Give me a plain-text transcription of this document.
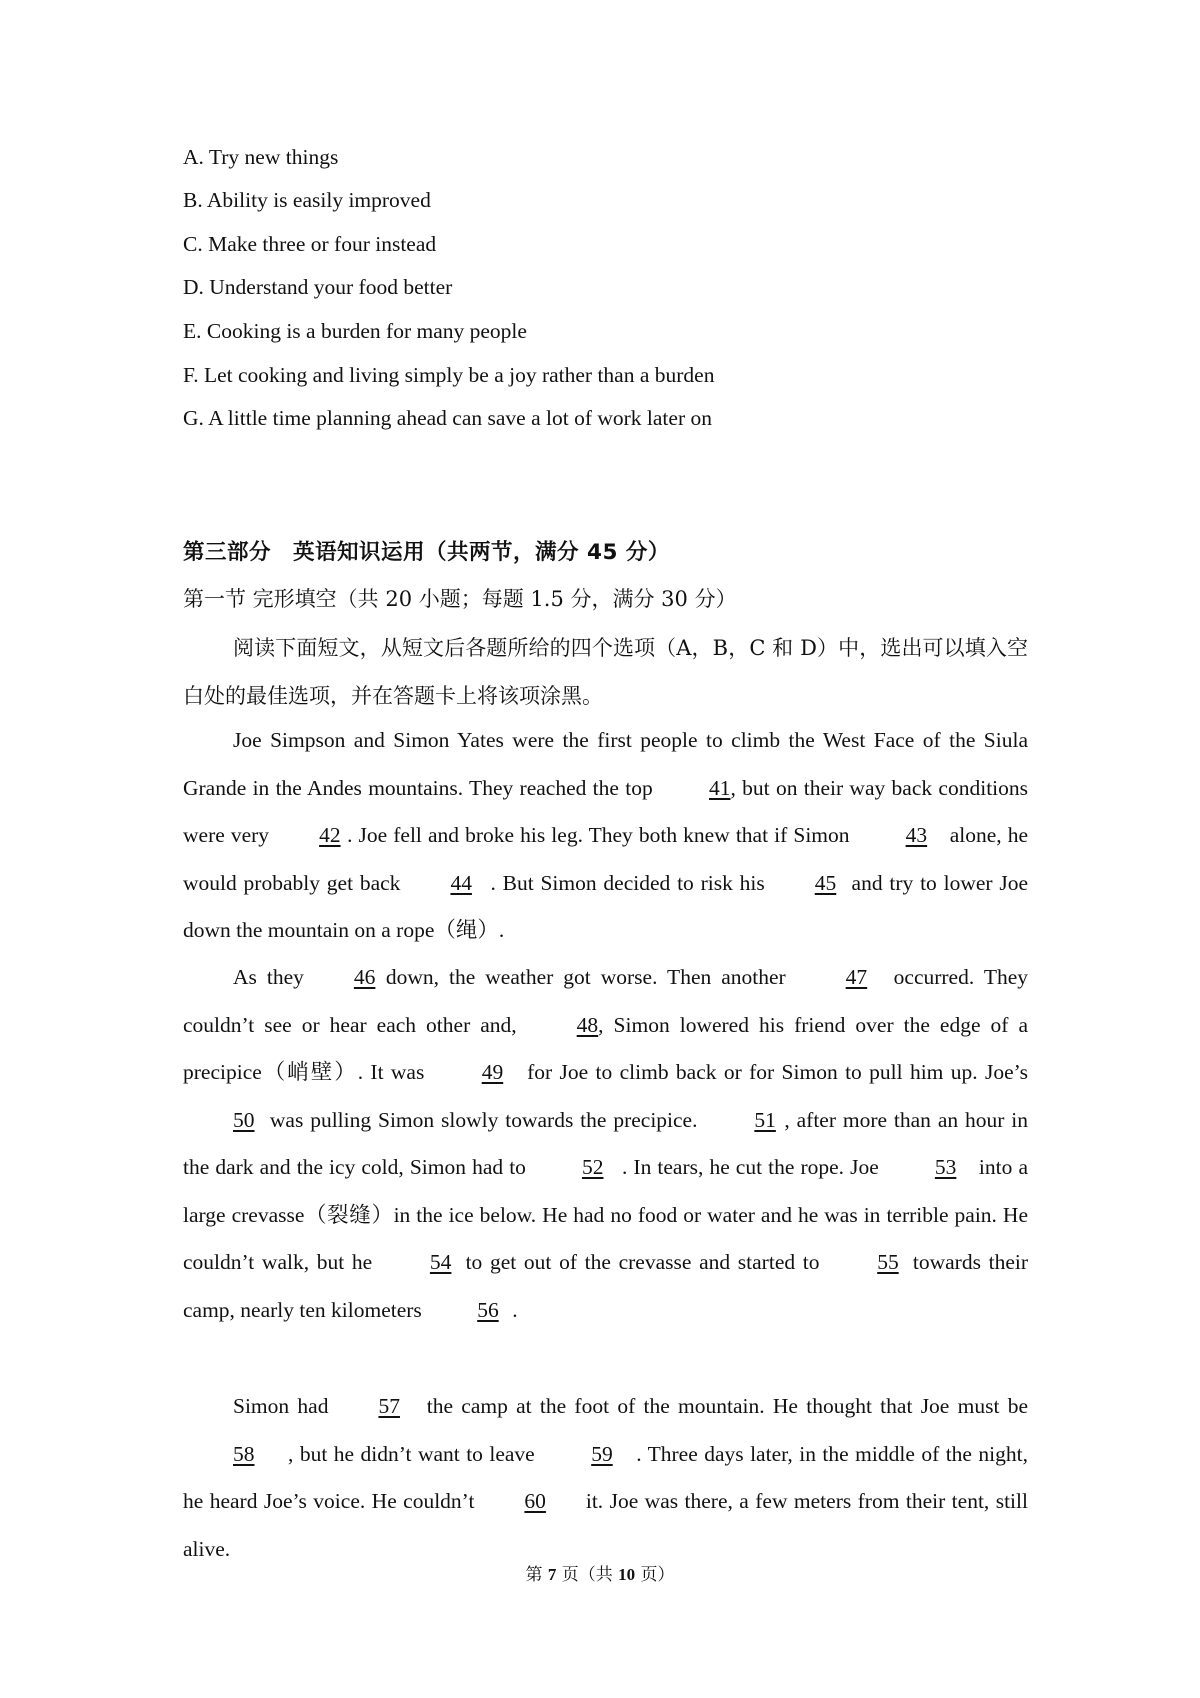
A. Try new things
B. Ability is easily improved
C. Make three or four instead
D. Understand your food better
E. Cooking is a burden for many people
F. Let cooking and living simply be a joy rather than a burden
G. A little time planning ahead can save a lot of work later on
第三部分　英语知识运用（共两节，满分 45 分）
第一节 完形填空（共 20 小题；每题 1.5 分，满分 30 分）
阅读下面短文，从短文后各题所给的四个选项（A，B，C 和 D）中，选出可以填入空白处的最佳选项，并在答题卡上将该项涂黑。
Joe Simpson and Simon Yates were the first people to climb the West Face of the Siula Grande in the Andes mountains. They reached the top 41, but on their way back conditions were very 42 . Joe fell and broke his leg. They both knew that if Simon 43 alone, he would probably get back 44 . But Simon decided to risk his 45 and try to lower Joe down the mountain on a rope（绳）.
As they 46 down, the weather got worse. Then another 47 occurred. They couldn’t see or hear each other and, 48, Simon lowered his friend over the edge of a precipice（峭壁）. It was 49 for Joe to climb back or for Simon to pull him up. Joe’s50 was pulling Simon slowly towards the precipice. 51 , after more than an hour in the dark and the icy cold, Simon had to 52 . In tears, he cut the rope. Joe 53 into a large crevasse（裂缝）in the ice below. He had no food or water and he was in terrible pain. He couldn’t walk, but he 54 to get out of the crevasse and started to 55 towards their camp, nearly ten kilometers 56 .
Simon had 57 the camp at the foot of the mountain. He thought that Joe must be58 , but he didn’t want to leave 59 . Three days later, in the middle of the night, he heard Joe’s voice. He couldn’t 60 it. Joe was there, a few meters from their tent, still alive.
第 7 页（共 10 页）
